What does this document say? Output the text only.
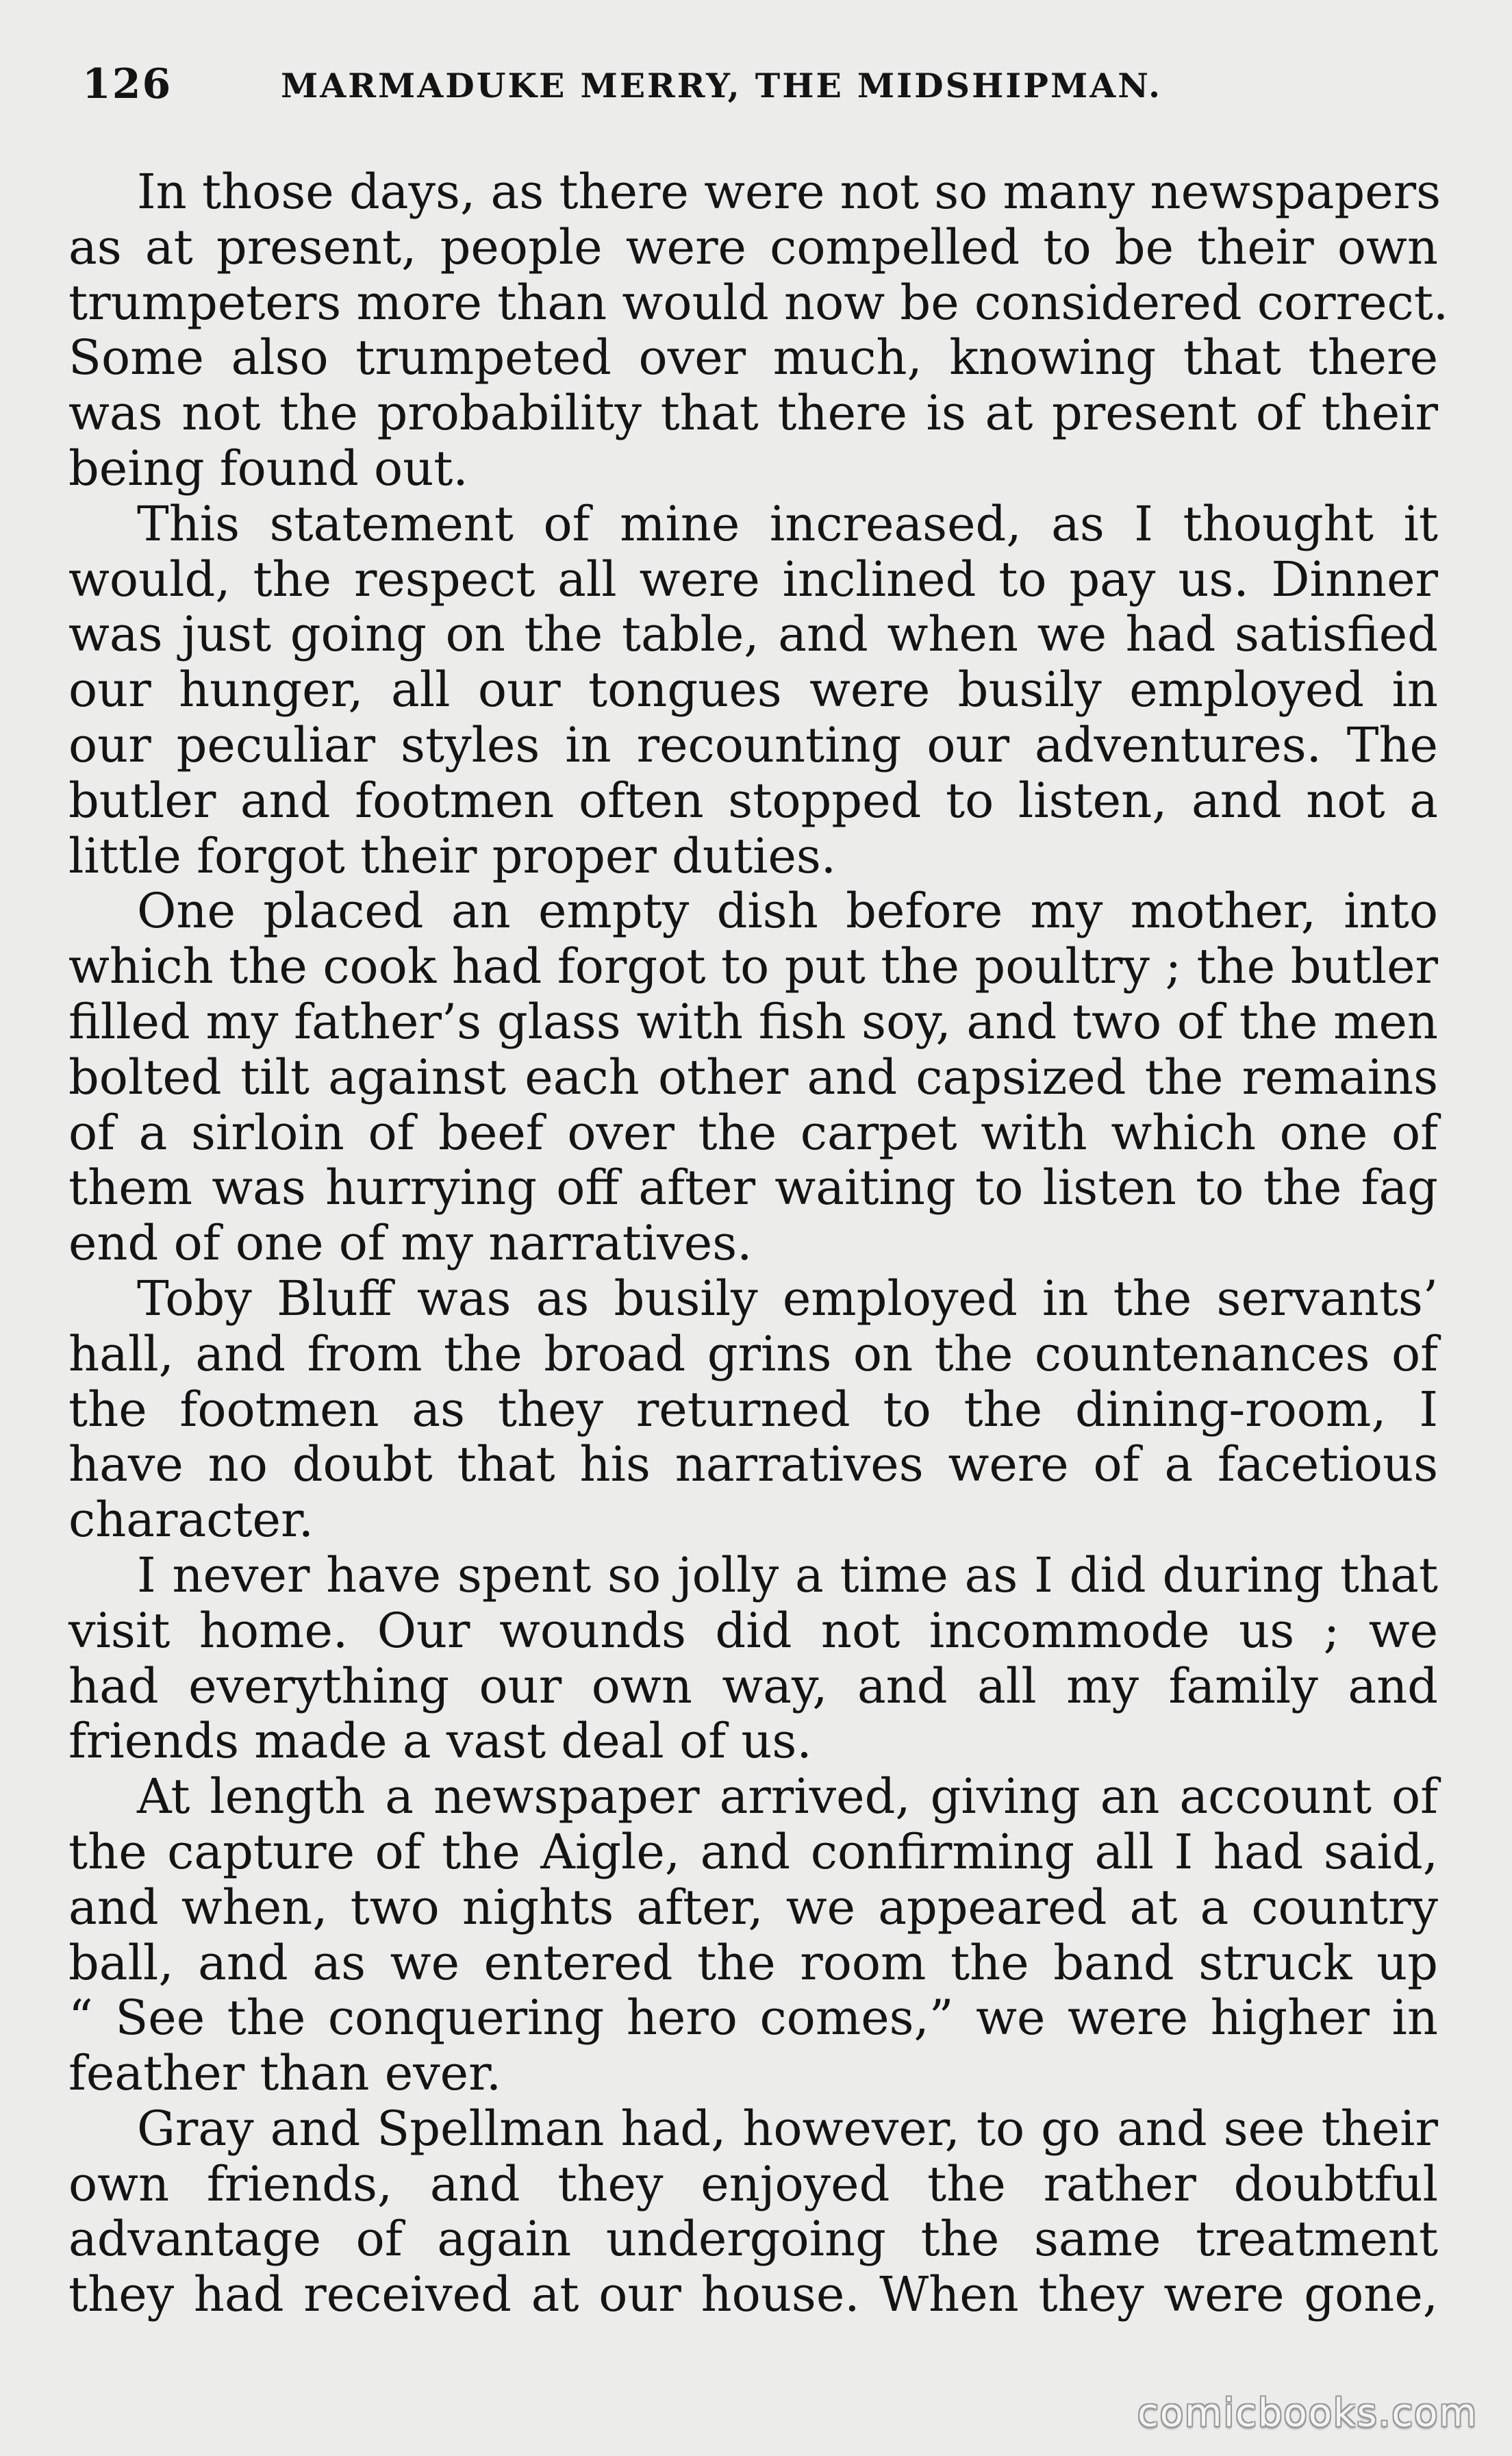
126	MARMADUKE MERRY, THE MIDSHIPMAN.
In those days, as there were not so many newspapers
as at present, people were compelled to be their own
trumpeters more than would now be considered correct.
Some also trumpeted over much, knowing that there
was not the probability that there is at present of their
being found out.
This statement of mine increased, as I thought it
would, the respect all were inclined to pay us. Dinner
was just going on the table, and when we had satisfied
our hunger, all our tongues were busily employed in
our peculiar styles in recounting our adventures. The
butler and footmen often stopped to listen, and not a
little forgot their proper duties.
One placed an empty dish before my mother, into
which the cook had forgot to put the poultry ; the butler
filled my father’s glass with fish soy, and two of the men
bolted tilt against each other and capsized the remains
of a sirloin of beef over the carpet with which one of
them was hurrying off after waiting to listen to the fag
end of one of my narratives.
Toby Bluff was as busily employed in the servants’
hall, and from the broad grins on the countenances of
the footmen as they returned to the dining-room, I
have no doubt that his narratives were of a facetious
character.
I never have spent so jolly a time as I did during that
visit home. Our wounds did not incommode us ; we
had everything our own way, and all my family and
friends made a vast deal of us.
At length a newspaper arrived, giving an account of
the capture of the Aigle, and confirming all I had said,
and when, two nights after, we appeared at a country
ball, and as we entered the room the band struck up
“ See the conquering hero comes,” we were higher in
feather than ever.
Gray and Spellman had, however, to go and see their
own friends, and they enjoyed the rather doubtful
advantage of again undergoing the same treatment
they had received at our house. When they were gone,
comicbooks.com
